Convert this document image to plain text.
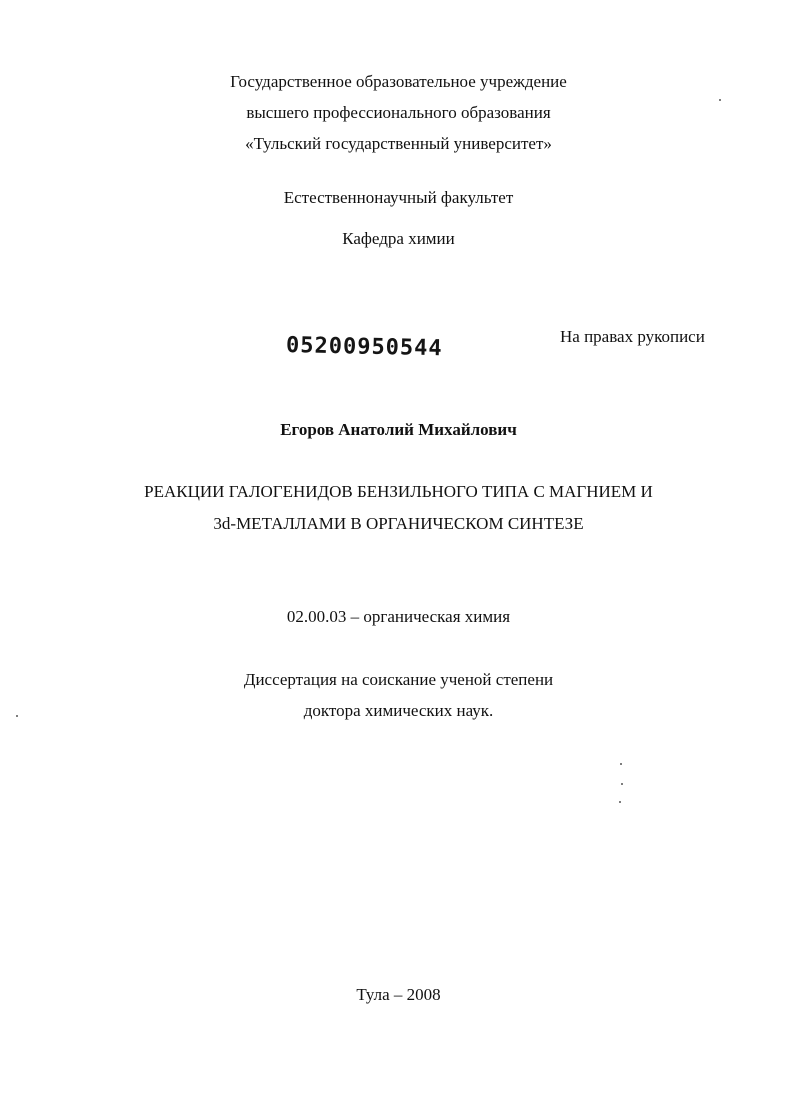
Государственное образовательное учреждение
высшего профессионального образования
«Тульский государственный университет»
Естественнонаучный факультет
Кафедра химии
05200950544	На правах рукописи
Егоров Анатолий Михайлович
РЕАКЦИИ ГАЛОГЕНИДОВ БЕНЗИЛЬНОГО ТИПА С МАГНИЕМ И
3d-МЕТАЛЛАМИ В ОРГАНИЧЕСКОМ СИНТЕЗЕ
02.00.03 – органическая химия
Диссертация на соискание ученой степени
доктора химических наук.
Тула – 2008
